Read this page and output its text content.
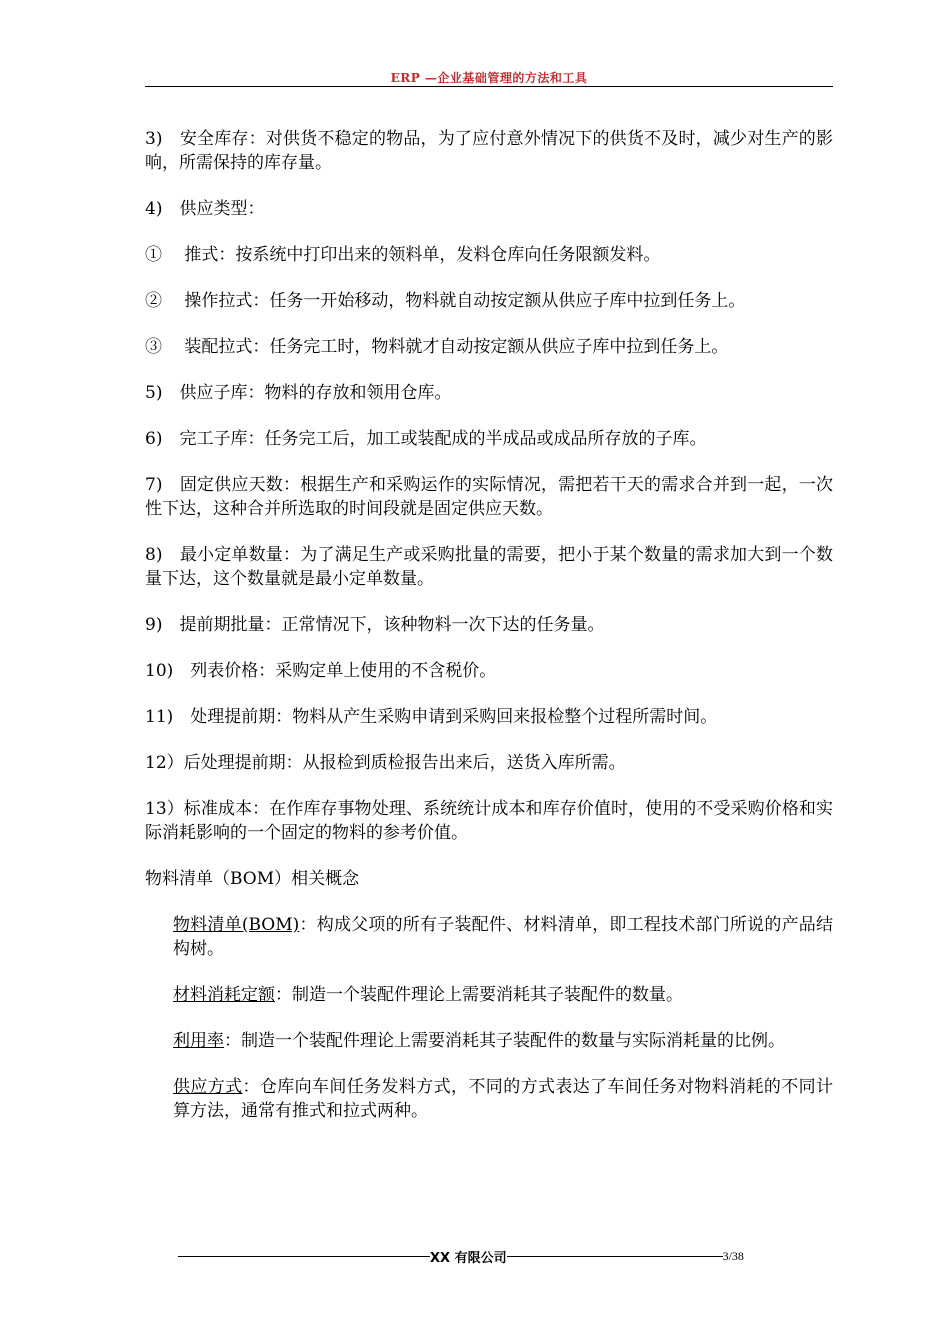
ERP —企业基础管理的方法和工具

3)　安全库存：对供货不稳定的物品，为了应付意外情况下的供货不及时，减少对生产的影响，所需保持的库存量。

4)　供应类型：

①　 推式：按系统中打印出来的领料单，发料仓库向任务限额发料。

②　 操作拉式：任务一开始移动，物料就自动按定额从供应子库中拉到任务上。

③　 装配拉式：任务完工时，物料就才自动按定额从供应子库中拉到任务上。

5)　供应子库：物料的存放和领用仓库。

6)　完工子库：任务完工后，加工或装配成的半成品或成品所存放的子库。

7)　固定供应天数：根据生产和采购运作的实际情况，需把若干天的需求合并到一起，一次性下达，这种合并所选取的时间段就是固定供应天数。

8)　最小定单数量：为了满足生产或采购批量的需要，把小于某个数量的需求加大到一个数量下达，这个数量就是最小定单数量。

9)　提前期批量：正常情况下，该种物料一次下达的任务量。

10)　列表价格：采购定单上使用的不含税价。

11)　处理提前期：物料从产生采购申请到采购回来报检整个过程所需时间。

12）后处理提前期：从报检到质检报告出来后，送货入库所需。

13）标准成本：在作库存事物处理、系统统计成本和库存价值时，使用的不受采购价格和实际消耗影响的一个固定的物料的参考价值。

物料清单（BOM）相关概念

物料清单(BOM)：构成父项的所有子装配件、材料清单，即工程技术部门所说的产品结构树。

材料消耗定额：制造一个装配件理论上需要消耗其子装配件的数量。

利用率：制造一个装配件理论上需要消耗其子装配件的数量与实际消耗量的比例。

供应方式：仓库向车间任务发料方式，不同的方式表达了车间任务对物料消耗的不同计算方法，通常有推式和拉式两种。

XX 有限公司	3/38
